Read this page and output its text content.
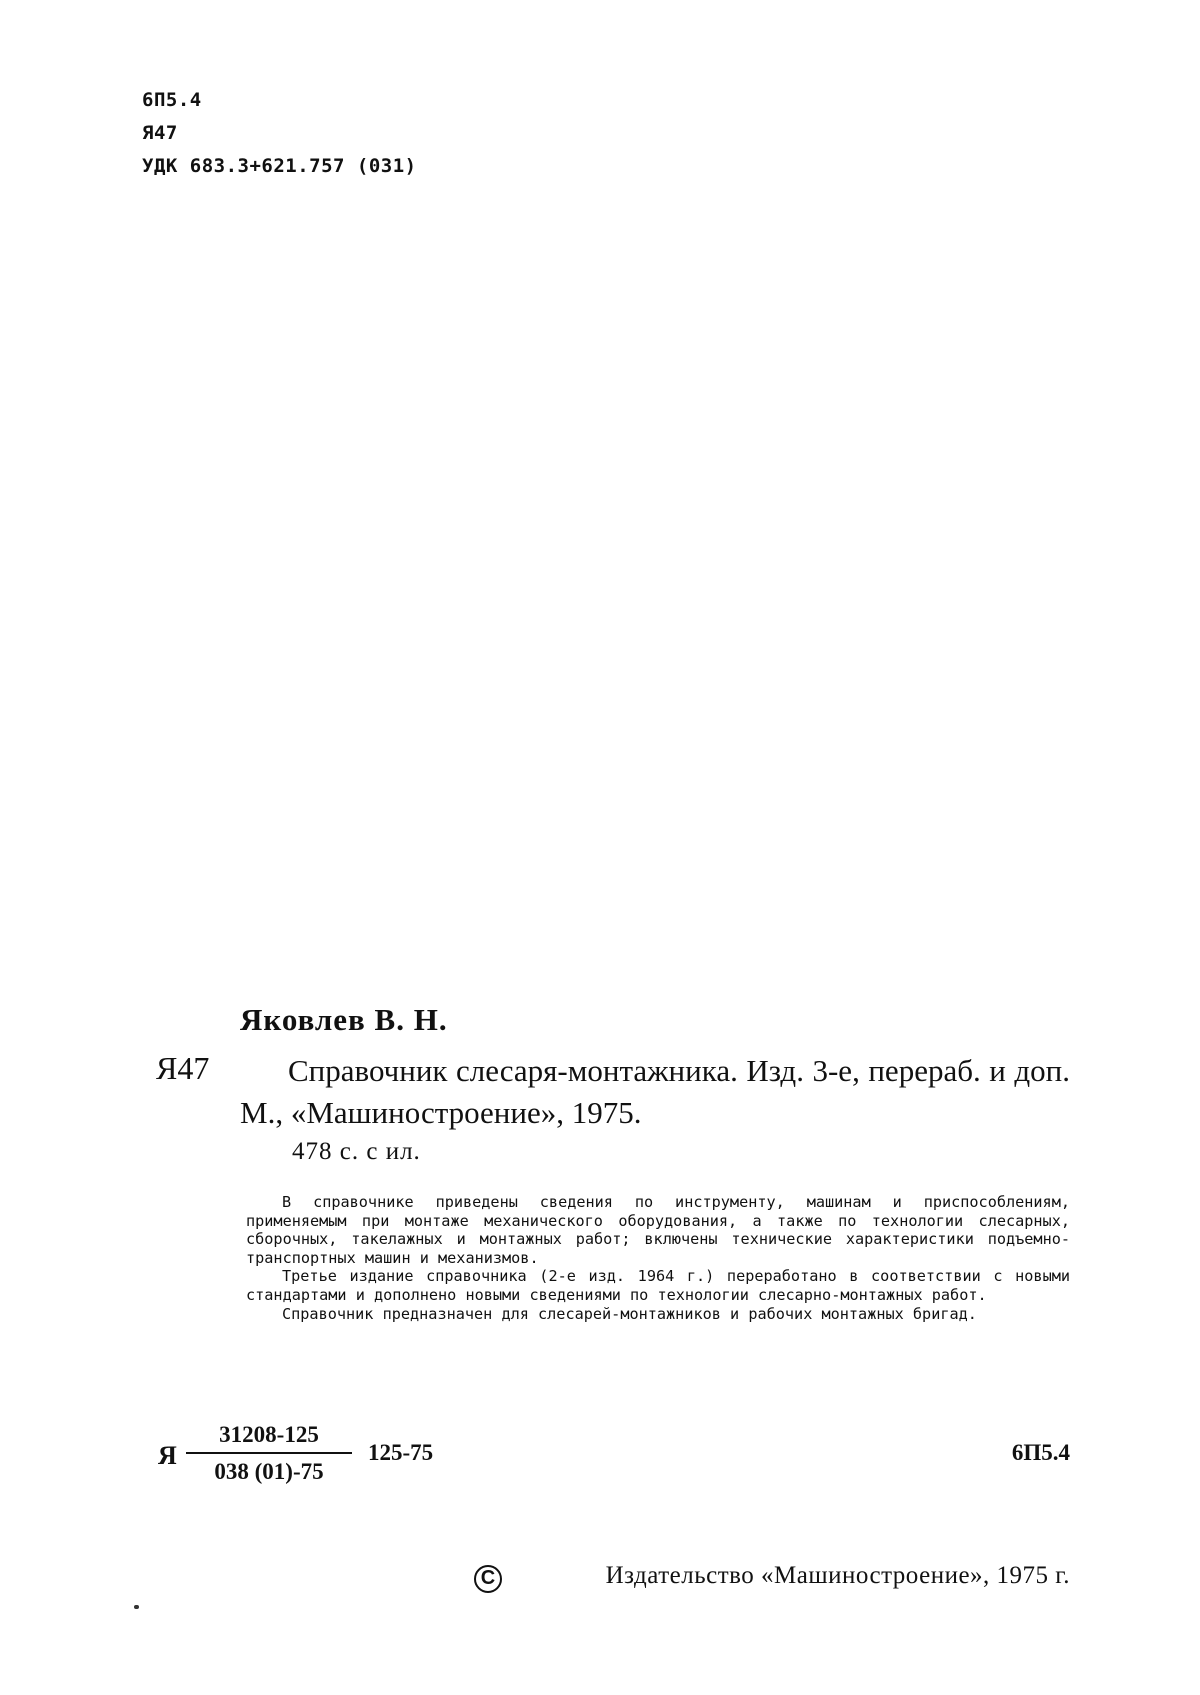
6П5.4
Я47
УДК 683.3+621.757 (031)
Яковлев В. Н.
Я47	Справочник слесаря-монтажника. Изд. 3-е, перераб. и доп. М., «Машиностроение», 1975.
478 с. с ил.

В справочнике приведены сведения по инструменту, машинам и приспособлениям, применяемым при монтаже механического оборудования, а также по технологии слесарных, сборочных, такелажных и монтажных работ; включены технические характеристики подъемно-транспортных машин и механизмов.

Третье издание справочника (2-е изд. 1964 г.) переработано в соответствии с новыми стандартами и дополнено новыми сведениями по технологии слесарно-монтажных работ.

Справочник предназначен для слесарей-монтажников и рабочих монтажных бригад.

Я
31208-125
038 (01)-75
125-75	6П5.4
C	Издательство «Машиностроение», 1975 г.
